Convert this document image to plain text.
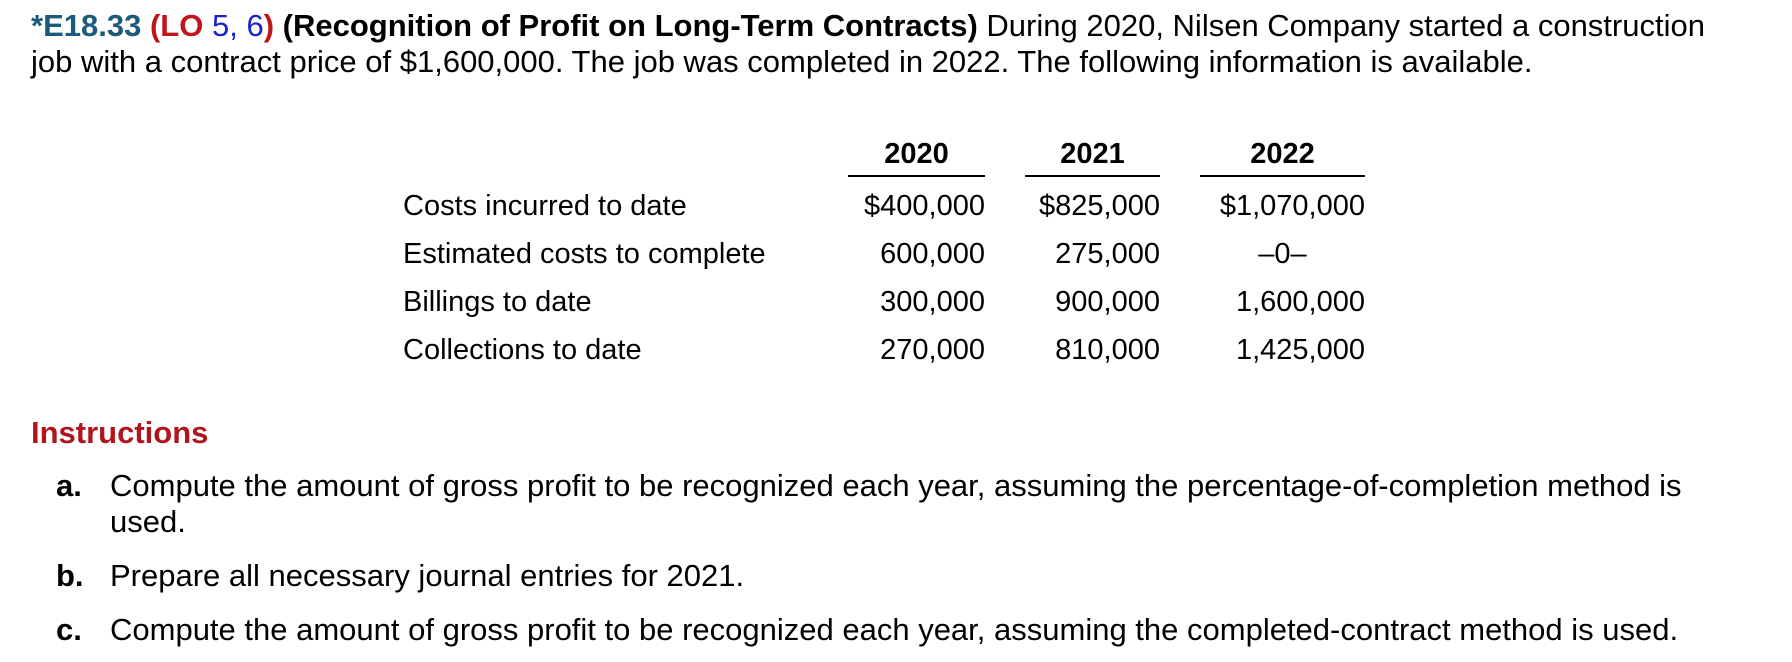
*E18.33 (LO 5, 6) (Recognition of Profit on Long-Term Contracts) During 2020, Nilsen Company started a construction job with a contract price of $1,600,000. The job was completed in 2022. The following information is available.

	2020		2021		2022

Costs incurred to date	$400,000		$825,000		$1,070,000
Estimated costs to complete	600,000		275,000		–0–
Billings to date	300,000		900,000		1,600,000
Collections to date	270,000		810,000		1,425,000
Instructions
a. Compute the amount of gross profit to be recognized each year, assuming the percentage-of-completion method is used.
b. Prepare all necessary journal entries for 2021.
c. Compute the amount of gross profit to be recognized each year, assuming the completed-contract method is used.
